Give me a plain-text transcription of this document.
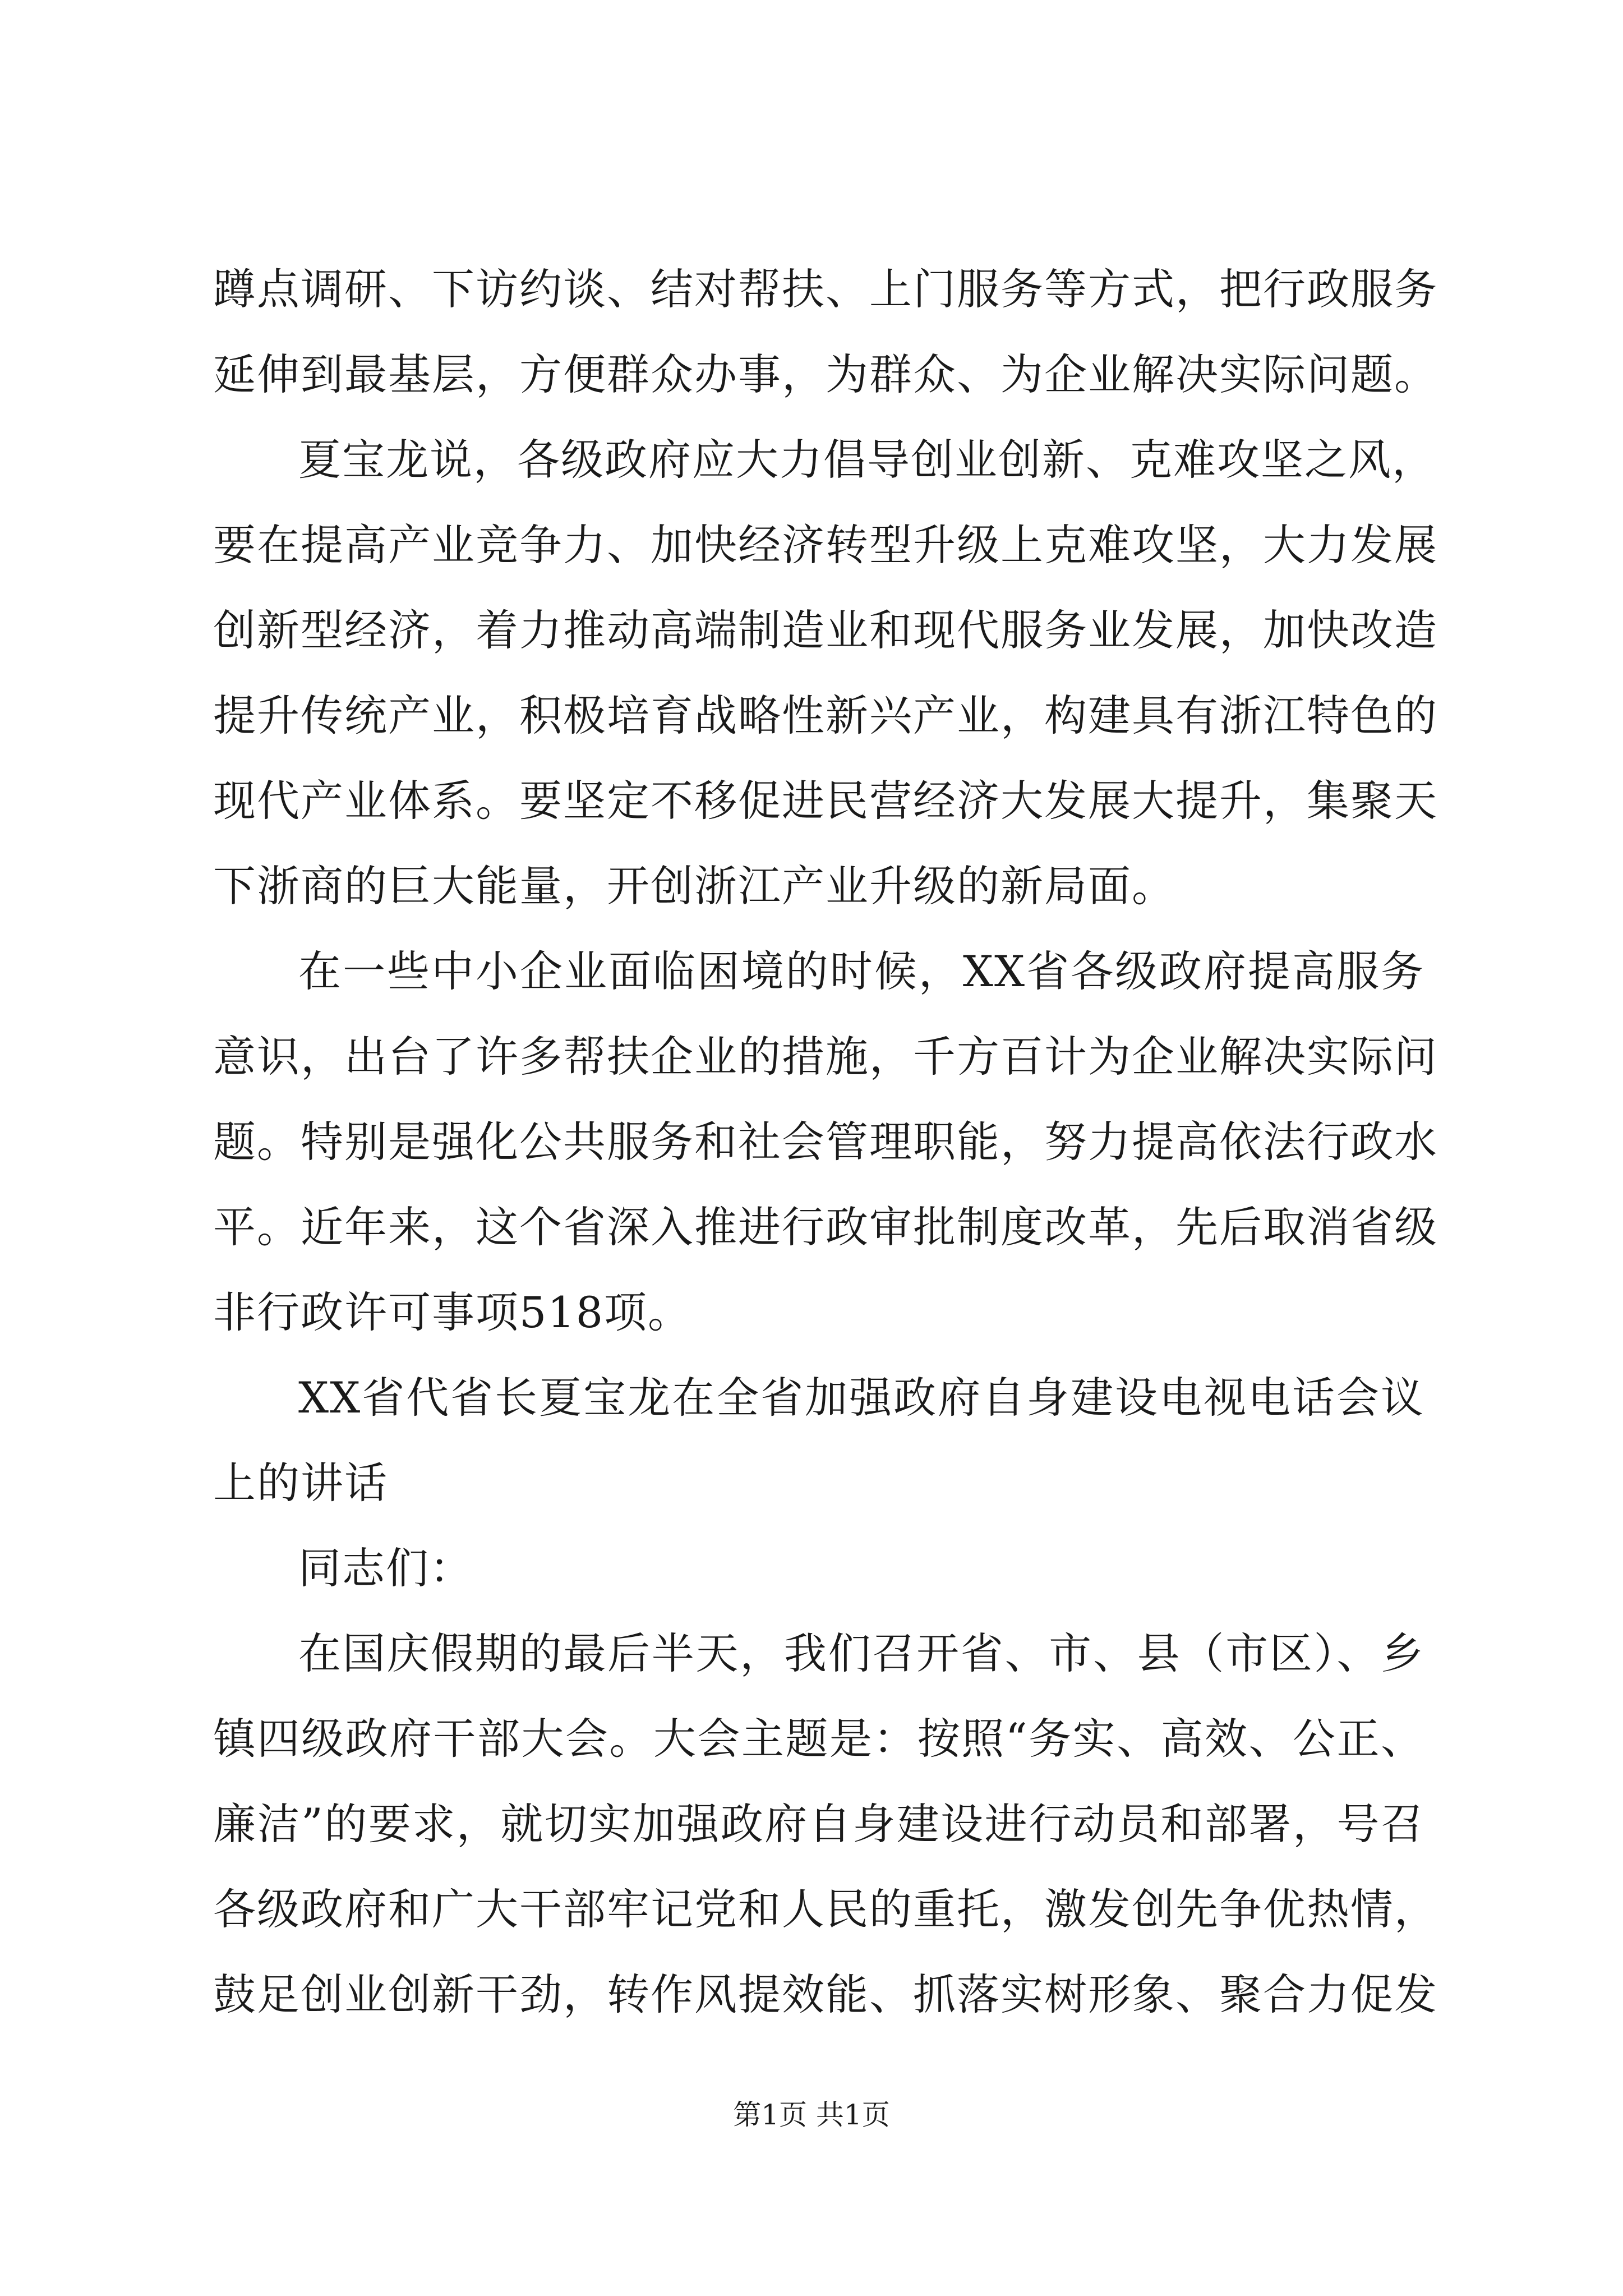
蹲点调研、下访约谈、结对帮扶、上门服务等方式，把行政服务
延伸到最基层，方便群众办事，为群众、为企业解决实际问题。
夏宝龙说，各级政府应大力倡导创业创新、克难攻坚之风，
要在提高产业竞争力、加快经济转型升级上克难攻坚，大力发展
创新型经济，着力推动高端制造业和现代服务业发展，加快改造
提升传统产业，积极培育战略性新兴产业，构建具有浙江特色的
现代产业体系。要坚定不移促进民营经济大发展大提升，集聚天
下浙商的巨大能量，开创浙江产业升级的新局面。
在一些中小企业面临困境的时候，XX省各级政府提高服务
意识，出台了许多帮扶企业的措施，千方百计为企业解决实际问
题。特别是强化公共服务和社会管理职能，努力提高依法行政水
平。近年来，这个省深入推进行政审批制度改革，先后取消省级
非行政许可事项518项。
XX省代省长夏宝龙在全省加强政府自身建设电视电话会议
上的讲话
同志们：
在国庆假期的最后半天，我们召开省、市、县（市区）、乡
镇四级政府干部大会。大会主题是：按照“务实、高效、公正、
廉洁”的要求，就切实加强政府自身建设进行动员和部署，号召
各级政府和广大干部牢记党和人民的重托，激发创先争优热情，
鼓足创业创新干劲，转作风提效能、抓落实树形象、聚合力促发
第1页 共1页
